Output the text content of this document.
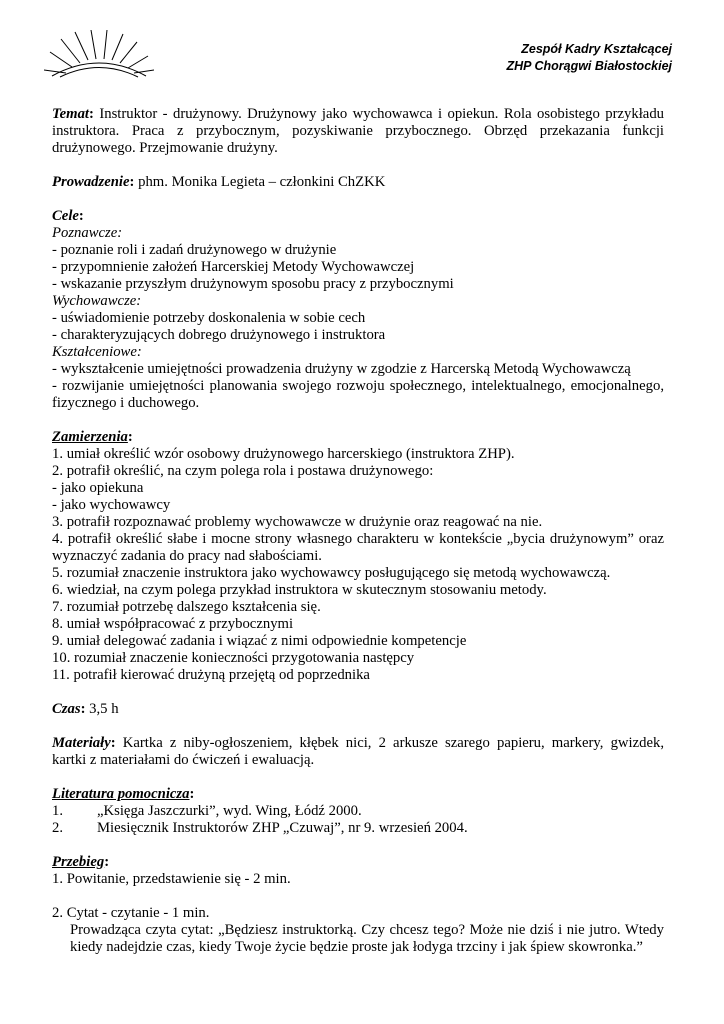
Zespół Kadry Kształcącej
ZHP Chorągwi Białostockiej

Temat: Instruktor - drużynowy. Drużynowy jako wychowawca i opiekun. Rola osobistego przykładu instruktora. Praca z przybocznym, pozyskiwanie przybocznego. Obrzęd przekazania funkcji drużynowego. Przejmowanie drużyny.

Prowadzenie: phm. Monika Legieta – członkini ChZKK

Cele:

Poznawcze:

- poznanie roli i zadań drużynowego w drużynie

- przypomnienie założeń Harcerskiej Metody Wychowawczej

- wskazanie przyszłym drużynowym sposobu pracy z przybocznymi

Wychowawcze:

- uświadomienie potrzeby doskonalenia w sobie cech

- charakteryzujących dobrego drużynowego i instruktora

Kształceniowe:

- wykształcenie umiejętności prowadzenia drużyny w zgodzie z Harcerską Metodą Wychowawczą

- rozwijanie umiejętności planowania swojego rozwoju społecznego, intelektualnego, emocjonalnego, fizycznego i duchowego.

Zamierzenia:

1. umiał określić wzór osobowy drużynowego harcerskiego (instruktora ZHP).

2. potrafił określić, na czym polega rola i postawa drużynowego:

- jako opiekuna

- jako wychowawcy

3. potrafił rozpoznawać problemy wychowawcze w drużynie oraz reagować na nie.

4. potrafił określić słabe i mocne strony własnego charakteru w kontekście „bycia drużynowym” oraz wyznaczyć zadania do pracy nad słabościami.

5. rozumiał znaczenie instruktora jako wychowawcy posługującego się metodą wychowawczą.

6. wiedział, na czym polega przykład instruktora w skutecznym stosowaniu metody.

7. rozumiał potrzebę dalszego kształcenia się.

8. umiał współpracować z przybocznymi

9. umiał delegować zadania i wiązać z nimi odpowiednie kompetencje

10. rozumiał znaczenie konieczności przygotowania następcy

11. potrafił kierować drużyną przejętą od poprzednika

Czas: 3,5 h

Materiały: Kartka z niby-ogłoszeniem, kłębek nici, 2 arkusze szarego papieru, markery, gwizdek, kartki z materiałami do ćwiczeń i ewaluacją.

Literatura pomocnicza:

1.	„Księga Jaszczurki”, wyd. Wing, Łódź 2000.
2.	Miesięcznik Instruktorów ZHP „Czuwaj”, nr 9. wrzesień 2004.

Przebieg:

1. Powitanie, przedstawienie się - 2 min.

2. Cytat - czytanie - 1 min.

Prowadząca czyta cytat: „Będziesz instruktorką. Czy chcesz tego? Może nie dziś i nie jutro. Wtedy kiedy nadejdzie czas, kiedy Twoje życie będzie proste jak łodyga trzciny i jak śpiew skowronka.”
